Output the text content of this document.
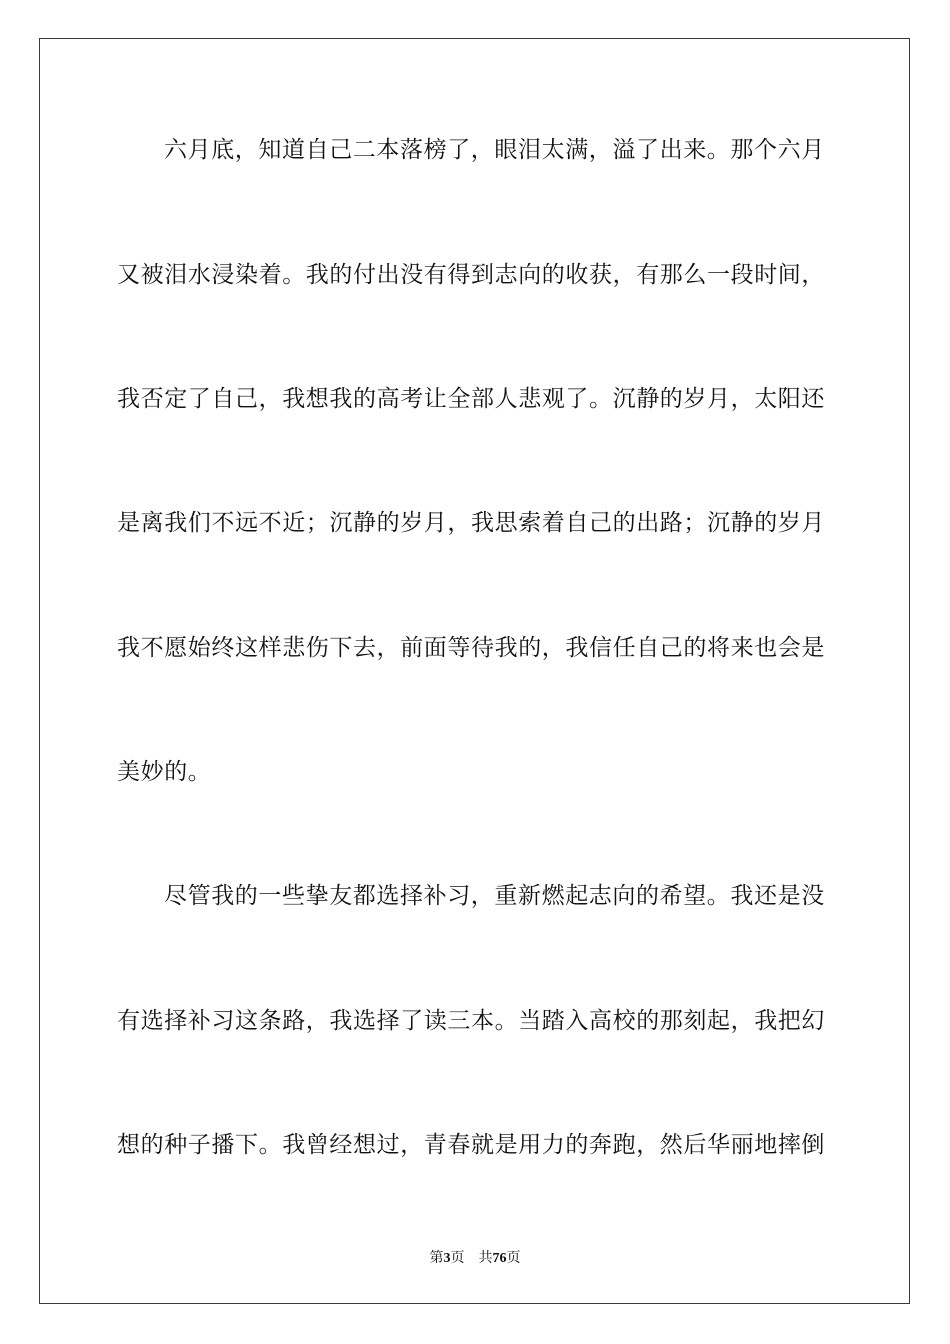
六月底，知道自己二本落榜了，眼泪太满，溢了出来。那个六月
又被泪水浸染着。我的付出没有得到志向的收获，有那么一段时间，
我否定了自己，我想我的高考让全部人悲观了。沉静的岁月，太阳还
是离我们不远不近；沉静的岁月，我思索着自己的出路；沉静的岁月
我不愿始终这样悲伤下去，前面等待我的，我信任自己的将来也会是
美妙的。
尽管我的一些挚友都选择补习，重新燃起志向的希望。我还是没
有选择补习这条路，我选择了读三本。当踏入高校的那刻起，我把幻
想的种子播下。我曾经想过，青春就是用力的奔跑，然后华丽地摔倒
第3页 共76页
